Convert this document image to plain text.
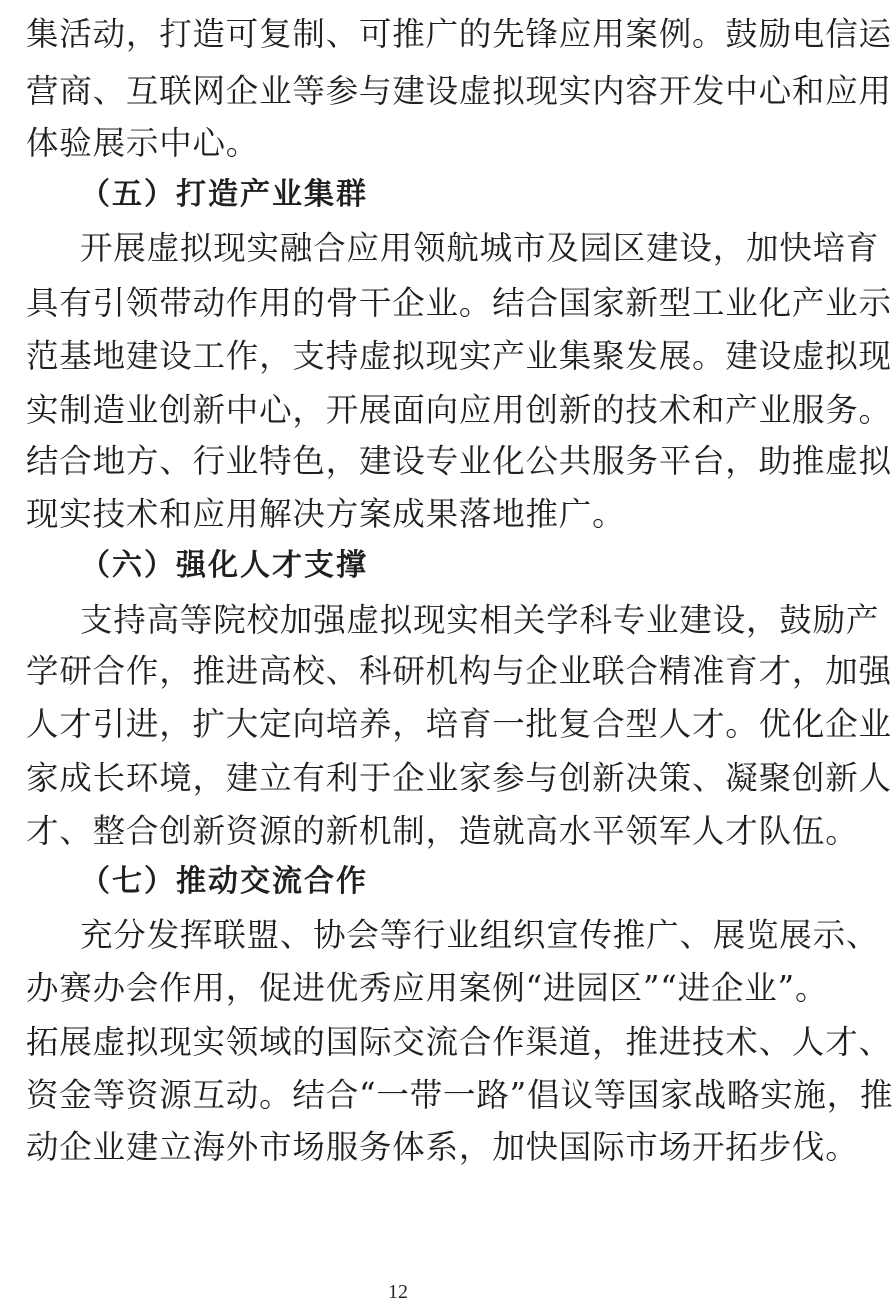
集活动，打造可复制、可推广的先锋应用案例。鼓励电信运
营商、互联网企业等参与建设虚拟现实内容开发中心和应用
体验展示中心。
（五）打造产业集群
开展虚拟现实融合应用领航城市及园区建设，加快培育
具有引领带动作用的骨干企业。结合国家新型工业化产业示
范基地建设工作，支持虚拟现实产业集聚发展。建设虚拟现
实制造业创新中心，开展面向应用创新的技术和产业服务。
结合地方、行业特色，建设专业化公共服务平台，助推虚拟
现实技术和应用解决方案成果落地推广。
（六）强化人才支撑
支持高等院校加强虚拟现实相关学科专业建设，鼓励产
学研合作，推进高校、科研机构与企业联合精准育才，加强
人才引进，扩大定向培养，培育一批复合型人才。优化企业
家成长环境，建立有利于企业家参与创新决策、凝聚创新人
才、整合创新资源的新机制，造就高水平领军人才队伍。
（七）推动交流合作
充分发挥联盟、协会等行业组织宣传推广、展览展示、
办赛办会作用，促进优秀应用案例“进园区”“进企业”。
拓展虚拟现实领域的国际交流合作渠道，推进技术、人才、
资金等资源互动。结合“一带一路”倡议等国家战略实施，推
动企业建立海外市场服务体系，加快国际市场开拓步伐。
12
